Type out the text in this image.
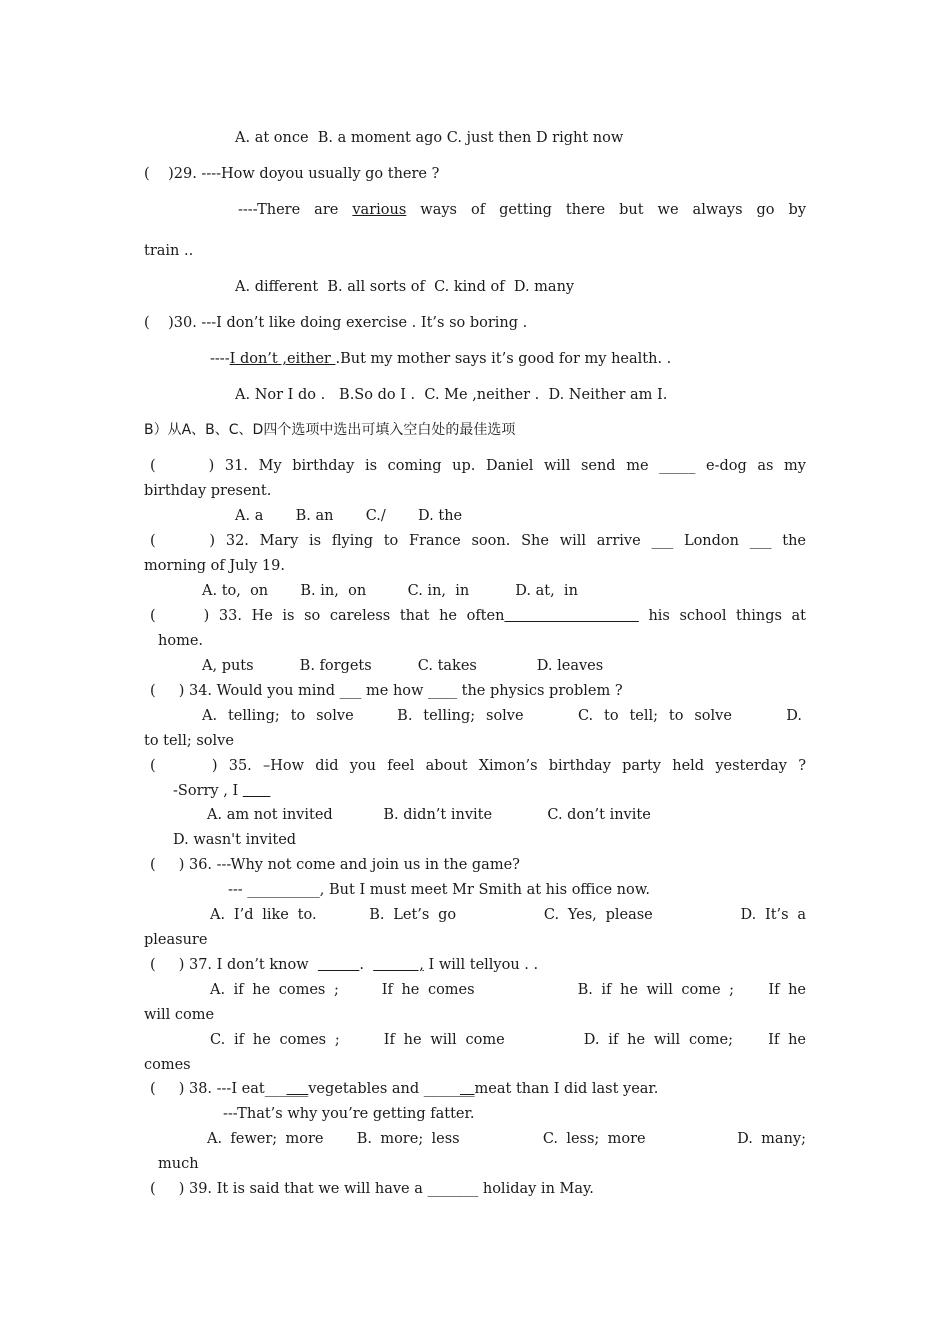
A. at once  B. a moment ago C. just then D right now
(    )29. ----How doyou usually go there ?
----There are various ways of getting there but we always go by
train ..
A. different  B. all sorts of  C. kind of  D. many
(    )30. ---I don’t like doing exercise . It’s so boring .
----I don’t ,either .But my mother says it’s good for my health. .
A. Nor I do .   B.So do I .  C. Me ,neither .  D. Neither am I.
B）从A、B、C、D四个选项中选出可填入空白处的最佳选项
(     ) 31. My birthday is coming up. Daniel will send me _____ e-dog as my
birthday present.
A. a       B. an       C./       D. the
(     ) 32. Mary is flying to France soon. She will arrive ___ London ___ the
morning of July 19.
A. to,  on       B. in,  on         C. in,  in          D. at,  in
(     ) 33. He is so careless that he often	his school things at
home.
A, puts          B. forgets          C. takes             D. leaves
(     ) 34. Would you mind ___ me how ____ the physics problem ?
A. telling; to solve    B. telling; solve     C. to tell; to solve     D.
to tell; solve
(     ) 35. –How did you feel about Ximon’s birthday party held yesterday ?
-Sorry , I
A. am not invited           B. didn’t invite            C. don’t invite
D. wasn't invited
(     ) 36. ---Why not come and join us in the game?
--- __________, But I must meet Mr Smith at his office now.
A. I’d like to.      B. Let’s go          C. Yes, please          D. It’s a
pleasure
(     ) 37. I don’t know	.            , I will tellyou . .
A. if he comes ;     If he comes            B. if he will come ;    If he
will come
C. if he comes ;     If he will come         D. if he will come;    If he
comes
(     ) 38. ---I eat______vegetables and _______meat than I did last year.
---That’s why you’re getting fatter.
A. fewer; more    B. more; less          C. less; more           D. many;
much
(     ) 39. It is said that we will have a _______ holiday in May.
